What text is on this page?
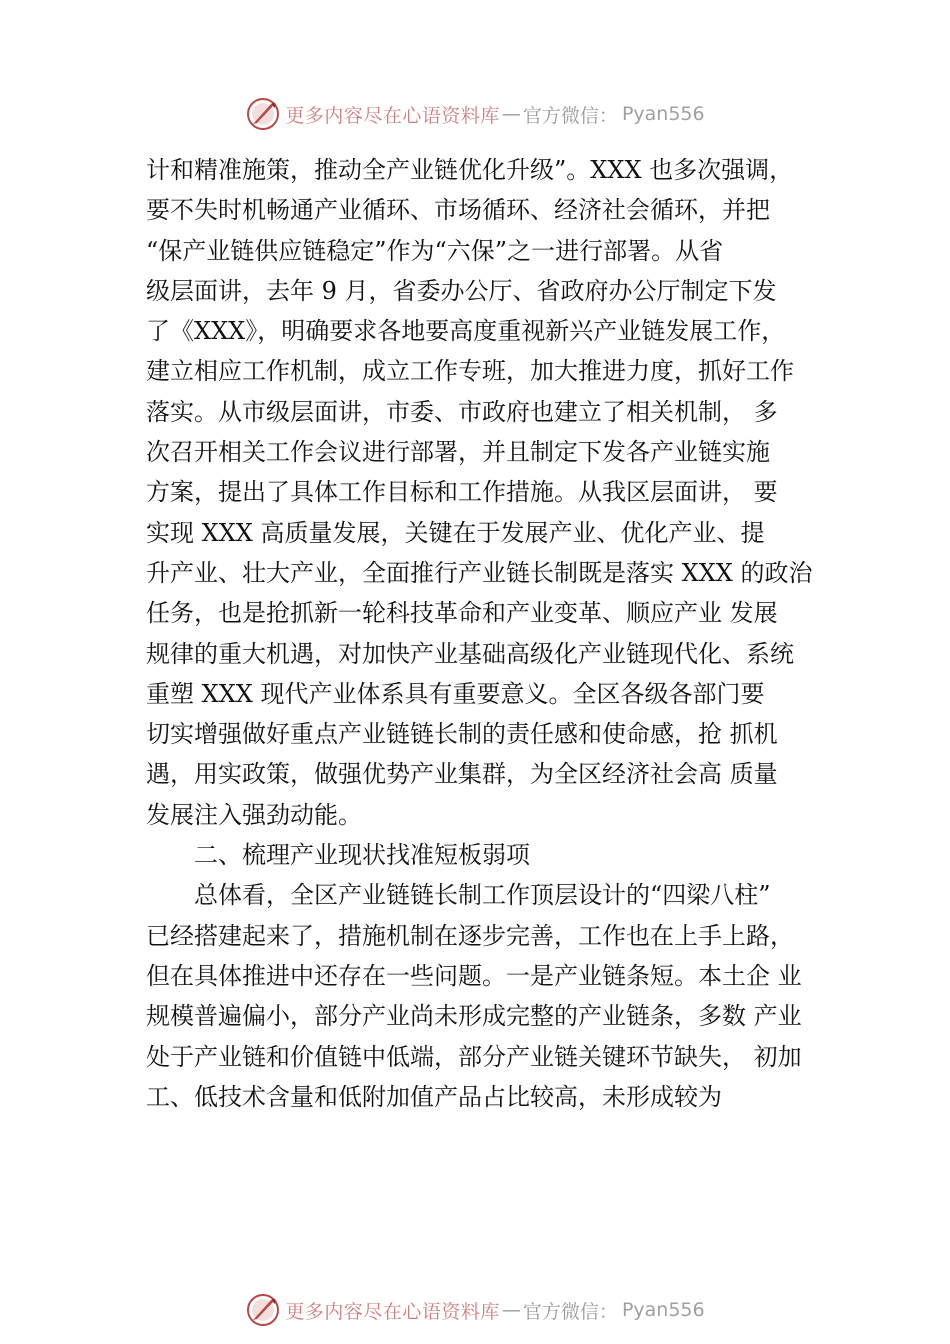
更多内容尽在心语资料库 — 官方微信： Pyan556
计和精准施策，推动全产业链优化升级”。XXX 也多次强调，
要不失时机畅通产业循环、市场循环、经济社会循环，并把
“保产业链供应链稳定”作为“六保”之一进行部署。从省
级层面讲，去年 9 月，省委办公厅、省政府办公厅制定下发
了《XXX》，明确要求各地要高度重视新兴产业链发展工作，
建立相应工作机制，成立工作专班，加大推进力度，抓好工作
落实。从市级层面讲，市委、市政府也建立了相关机制， 多
次召开相关工作会议进行部署，并且制定下发各产业链实施
方案，提出了具体工作目标和工作措施。从我区层面讲， 要
实现 XXX 高质量发展，关键在于发展产业、优化产业、提
升产业、壮大产业，全面推行产业链长制既是落实 XXX 的政治
任务，也是抢抓新一轮科技革命和产业变革、顺应产业 发展
规律的重大机遇，对加快产业基础高级化产业链现代化、系统
重塑 XXX 现代产业体系具有重要意义。全区各级各部门要
切实增强做好重点产业链链长制的责任感和使命感，抢 抓机
遇，用实政策，做强优势产业集群，为全区经济社会高 质量
发展注入强劲动能。
二、梳理产业现状找准短板弱项
总体看，全区产业链链长制工作顶层设计的“四梁八柱”
已经搭建起来了，措施机制在逐步完善，工作也在上手上路，
但在具体推进中还存在一些问题。一是产业链条短。本土企 业
规模普遍偏小，部分产业尚未形成完整的产业链条，多数 产业
处于产业链和价值链中低端，部分产业链关键环节缺失， 初加
工、低技术含量和低附加值产品占比较高，未形成较为
更多内容尽在心语资料库 — 官方微信： Pyan556
